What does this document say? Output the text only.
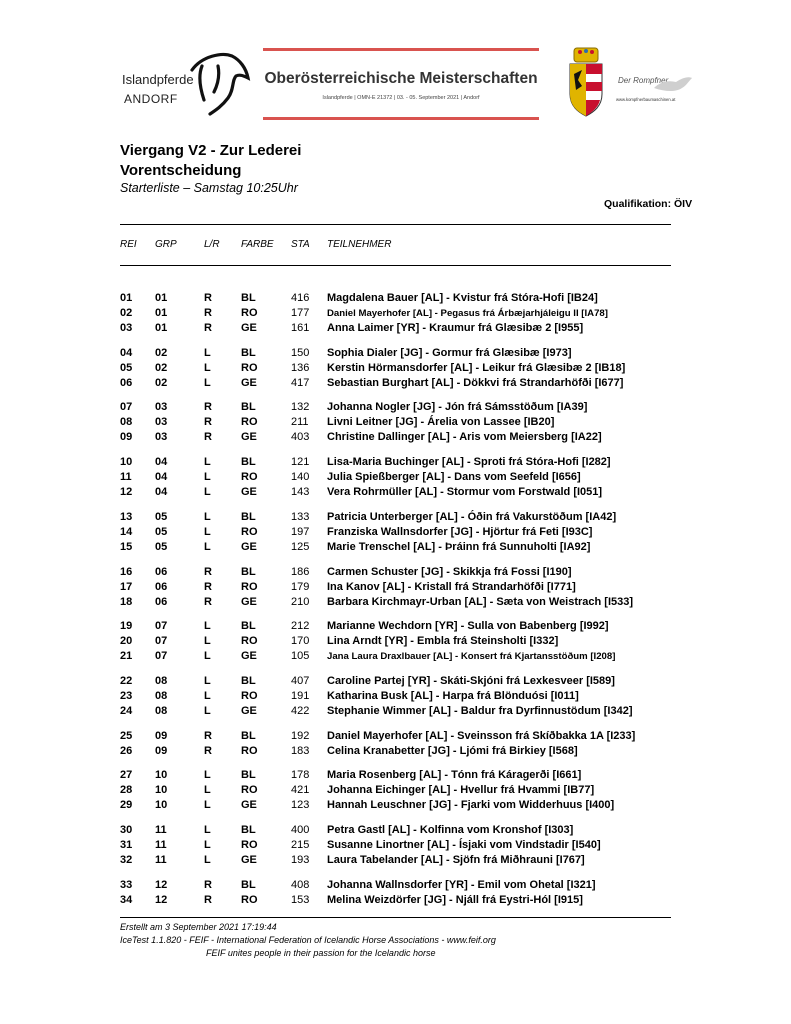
Islandpferde
ANDORF
Oberösterreichische Meisterschaften
Islandpferde | OMN-E 21372 | 03. - 05. September 2021 | Andorf
Der Rompfner
www.kompfnerbaumaschinen.at
Viergang V2 - Zur Lederei
Vorentscheidung
Starterliste – Samstag 10:25Uhr
Qualifikation: ÖIV
REI GRP	L/R FARBE STA TEILNEHMER
01 01	R	BL	416 Magdalena Bauer [AL] - Kvistur frá Stóra-Hofi [IB24]
02 01	R	RO	177 Daniel Mayerhofer [AL] - Pegasus frá Árbæjarhjáleigu II [IA78]
03 01	R	GE	161 Anna Laimer [YR] - Kraumur frá Glæsibæ 2 [I955]
04 02	L	BL	150 Sophia Dialer [JG] - Gormur frá Glæsibæ [I973]
05 02	L	RO	136 Kerstin Hörmansdorfer [AL] - Leikur frá Glæsibæ 2 [IB18]
06 02	L	GE	417 Sebastian Burghart [AL] - Dökkvi frá Strandarhöfði [I677]
07 03	R	BL	132 Johanna Nogler [JG] - Jón frá Sámsstöðum [IA39]
08 03	R	RO	211 Livni Leitner [JG] - Árelia von Lassee [IB20]
09 03	R	GE	403 Christine Dallinger [AL] - Aris vom Meiersberg [IA22]
10 04	L	BL	121 Lisa-Maria Buchinger [AL] - Sproti frá Stóra-Hofi [I282]
11 04	L	RO	140 Julia Spießberger [AL] - Dans vom Seefeld [I656]
12 04	L	GE	143 Vera Rohrmüller [AL] - Stormur vom Forstwald [I051]
13 05	L	BL	133 Patricia Unterberger [AL] - Óðin frá Vakurstöðum [IA42]
14 05	L	RO	197 Franziska Wallnsdorfer [JG] - Hjörtur frá Feti [I93C]
15 05	L	GE	125 Marie Trenschel [AL] - Þráinn frá Sunnuholti [IA92]
16 06	R	BL	186 Carmen Schuster [JG] - Skikkja frá Fossi [I190]
17 06	R	RO	179 Ina Kanov [AL] - Kristall frá Strandarhöfði [I771]
18 06	R	GE	210 Barbara Kirchmayr-Urban [AL] - Sæta von Weistrach [I533]
19 07	L	BL	212 Marianne Wechdorn [YR] - Sulla von Babenberg [I992]
20 07	L	RO	170 Lina Arndt [YR] - Embla frá Steinsholti [I332]
21 07	L	GE	105 Jana Laura Draxlbauer [AL] - Konsert frá Kjartansstöðum [I208]
22 08	L	BL	407 Caroline Partej [YR] - Skáti-Skjóni frá Lexkesveer [I589]
23 08	L	RO	191 Katharina Busk [AL] - Harpa frá Blönduósi [I011]
24 08	L	GE	422 Stephanie Wimmer [AL] - Baldur fra Dyrfinnustödum [I342]
25 09	R	BL	192 Daniel Mayerhofer [AL] - Sveinsson frá Skíðbakka 1A [I233]
26 09	R	RO	183 Celina Kranabetter [JG] - Ljómi frá Birkiey [I568]
27 10	L	BL	178 Maria Rosenberg [AL] - Tónn frá Káragerði [I661]
28 10	L	RO	421 Johanna Eichinger [AL] - Hvellur frá Hvammi [IB77]
29 10	L	GE	123 Hannah Leuschner [JG] - Fjarki vom Widderhuus [I400]
30 11	L	BL	400 Petra Gastl [AL] - Kolfinna vom Kronshof [I303]
31 11	L	RO	215 Susanne Linortner [AL] - Ísjaki vom Vindstadir [I540]
32 11	L	GE	193 Laura Tabelander [AL] - Sjöfn frá Miðhrauni [I767]
33 12	R	BL	408 Johanna Wallnsdorfer [YR] - Emil vom Ohetal [I321]
34 12	R	RO	153 Melina Weizdörfer [JG] - Njáll frá Eystri-Hól [I915]
Erstellt am 3 September 2021 17:19:44
IceTest 1.1.820 - FEIF - International Federation of Icelandic Horse Associations - www.feif.org
FEIF unites people in their passion for the Icelandic horse
